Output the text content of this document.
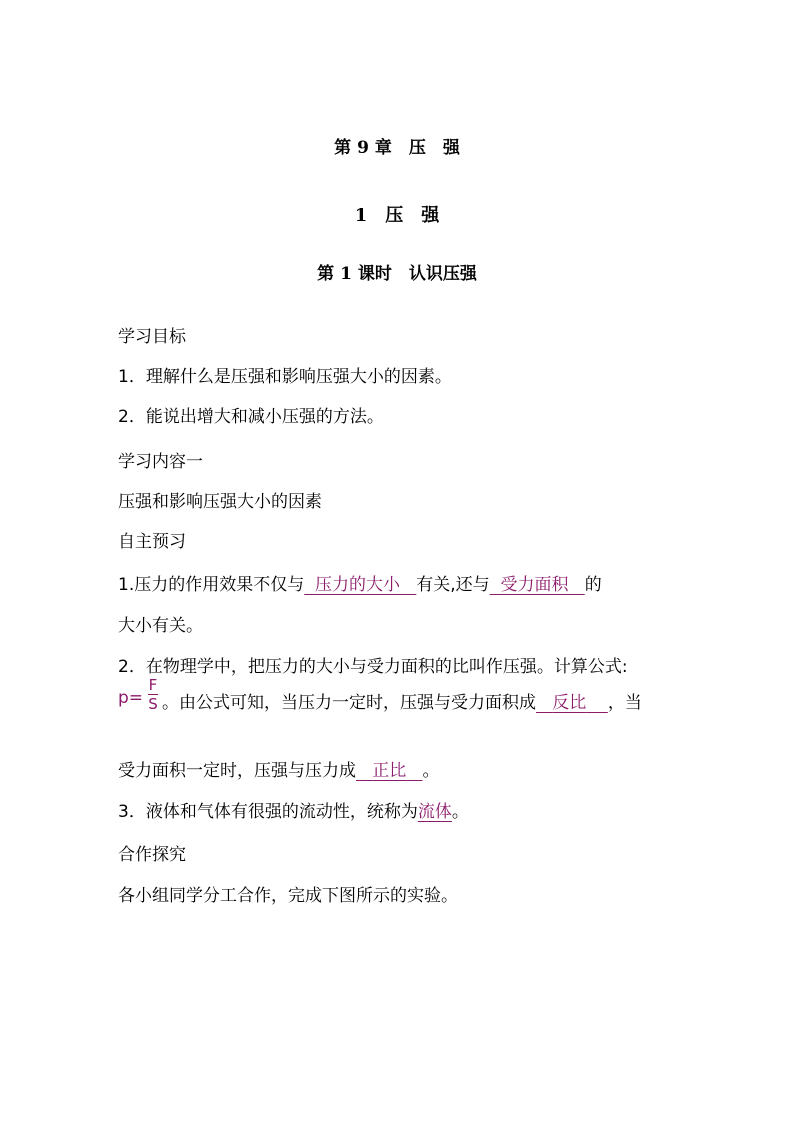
第 9 章　压　强
1　压　强
第 1 课时　认识压强
学习目标
1．理解什么是压强和影响压强大小的因素。
2．能说出增大和减小压强的方法。
学习内容一
压强和影响压强大小的因素
自主预习
1.压力的作用效果不仅与 压力的大小 有关,还与 受力面积 的
大小有关。
2．在物理学中，把压力的大小与受力面积的比叫作压强。计算公式:
p=
F
S 。由公式可知，当压力一定时，压强与受力面积成 反比 ，当
受力面积一定时，压强与压力成 正比 。
3．液体和气体有很强的流动性，统称为流体。
合作探究
各小组同学分工合作，完成下图所示的实验。
